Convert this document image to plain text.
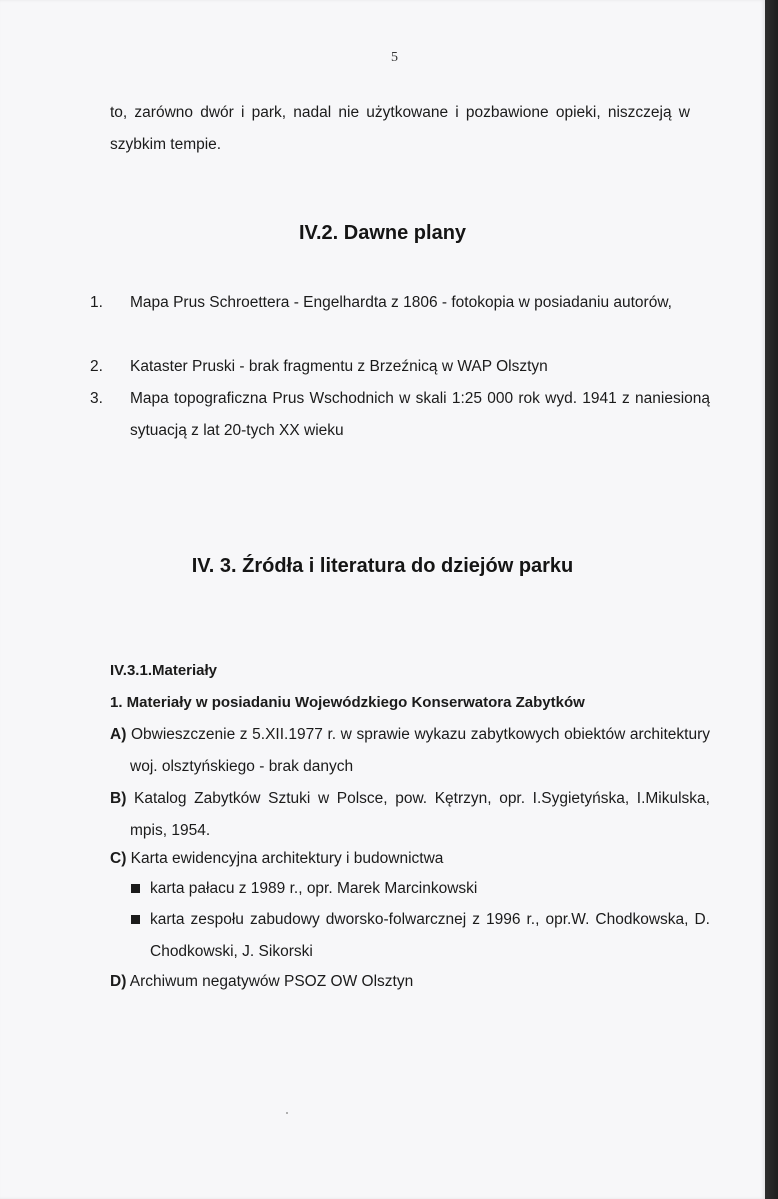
5
to, zarówno dwór i park, nadal nie użytkowane i pozbawione opieki, niszczeją w szybkim tempie.
IV.2. Dawne plany
1. Mapa Prus Schroettera - Engelhardta z 1806 - fotokopia w posiadaniu autorów,
2. Kataster Pruski - brak fragmentu z Brzeźnicą w WAP Olsztyn
3. Mapa topograficzna Prus Wschodnich w skali 1:25 000 rok wyd. 1941 z naniesioną sytuacją z lat 20-tych XX wieku
IV. 3. Źródła i literatura do dziejów parku
IV.3.1.Materiały
1. Materiały w posiadaniu Wojewódzkiego Konserwatora Zabytków
A) Obwieszczenie z 5.XII.1977 r. w sprawie wykazu zabytkowych obiektów architektury woj. olsztyńskiego - brak danych
B) Katalog Zabytków Sztuki w Polsce, pow. Kętrzyn, opr. I.Sygietyńska, I.Mikulska, mpis, 1954.
C) Karta ewidencyjna architektury i budownictwa
karta pałacu z 1989 r., opr. Marek Marcinkowski
karta zespołu zabudowy dworsko-folwarcznej z 1996 r., opr.W. Chodkowska, D. Chodkowski, J. Sikorski
D) Archiwum negatywów PSOZ OW Olsztyn
